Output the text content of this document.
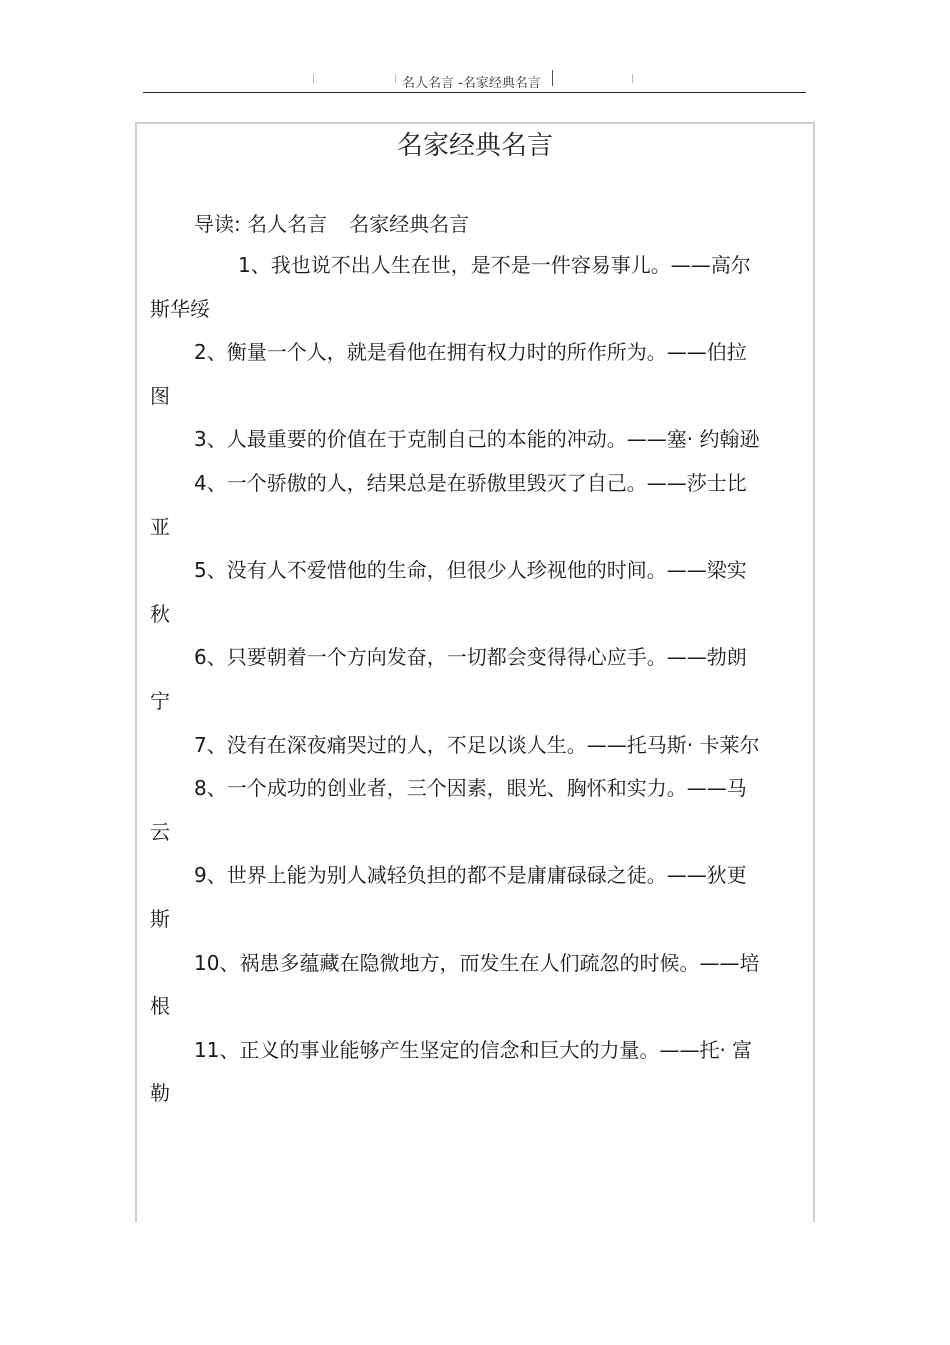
名人名言 -名家经典名言
名家经典名言
导读: 名人名言 名家经典名言

1、我也说不出人生在世，是不是一件容易事儿。——高尔斯华绥

2、衡量一个人，就是看他在拥有权力时的所作所为。——伯拉图

3、人最重要的价值在于克制自己的本能的冲动。——塞· 约翰逊

4、一个骄傲的人，结果总是在骄傲里毁灭了自己。——莎士比亚

5、没有人不爱惜他的生命，但很少人珍视他的时间。——梁实秋

6、只要朝着一个方向发奋，一切都会变得得心应手。——勃朗宁

7、没有在深夜痛哭过的人，不足以谈人生。——托马斯· 卡莱尔

8、一个成功的创业者，三个因素，眼光、胸怀和实力。——马云

9、世界上能为别人减轻负担的都不是庸庸碌碌之徒。——狄更斯

10、祸患多蕴藏在隐微地方，而发生在人们疏忽的时候。——培根

11、正义的事业能够产生坚定的信念和巨大的力量。——托· 富勒
